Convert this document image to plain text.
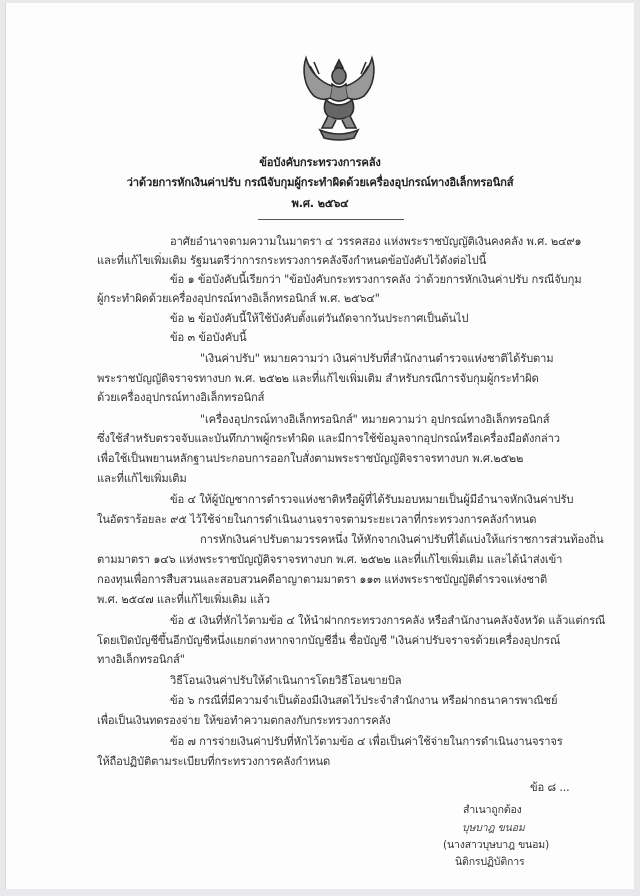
ข้อบังคับกระทรวงการคลัง
ว่าด้วยการหักเงินค่าปรับ กรณีจับกุมผู้กระทำผิดด้วยเครื่องอุปกรณ์ทางอิเล็กทรอนิกส์
พ.ศ. ๒๕๖๔
อาศัยอำนาจตามความในมาตรา ๔ วรรคสอง แห่งพระราชบัญญัติเงินคงคลัง พ.ศ. ๒๔๙๑
และที่แก้ไขเพิ่มเติม รัฐมนตรีว่าการกระทรวงการคลังจึงกำหนดข้อบังคับไว้ดังต่อไปนี้
ข้อ ๑ ข้อบังคับนี้เรียกว่า "ข้อบังคับกระทรวงการคลัง ว่าด้วยการหักเงินค่าปรับ กรณีจับกุม
ผู้กระทำผิดด้วยเครื่องอุปกรณ์ทางอิเล็กทรอนิกส์ พ.ศ. ๒๕๖๔"
ข้อ ๒ ข้อบังคับนี้ให้ใช้บังคับตั้งแต่วันถัดจากวันประกาศเป็นต้นไป
ข้อ ๓ ข้อบังคับนี้
"เงินค่าปรับ" หมายความว่า เงินค่าปรับที่สำนักงานตำรวจแห่งชาติได้รับตาม
พระราชบัญญัติจราจรทางบก พ.ศ. ๒๕๒๒ และที่แก้ไขเพิ่มเติม สำหรับกรณีการจับกุมผู้กระทำผิด
ด้วยเครื่องอุปกรณ์ทางอิเล็กทรอนิกส์
"เครื่องอุปกรณ์ทางอิเล็กทรอนิกส์" หมายความว่า อุปกรณ์ทางอิเล็กทรอนิกส์
ซึ่งใช้สำหรับตรวจจับและบันทึกภาพผู้กระทำผิด และมีการใช้ข้อมูลจากอุปกรณ์หรือเครื่องมือดังกล่าว
เพื่อใช้เป็นพยานหลักฐานประกอบการออกใบสั่งตามพระราชบัญญัติจราจรทางบก พ.ศ.๒๕๒๒
และที่แก้ไขเพิ่มเติม
ข้อ ๔ ให้ผู้บัญชาการตำรวจแห่งชาติหรือผู้ที่ได้รับมอบหมายเป็นผู้มีอำนาจหักเงินค่าปรับ
ในอัตราร้อยละ ๙๕ ไว้ใช้จ่ายในการดำเนินงานจราจรตามระยะเวลาที่กระทรวงการคลังกำหนด
การหักเงินค่าปรับตามวรรคหนึ่ง ให้หักจากเงินค่าปรับที่ได้แบ่งให้แก่ราชการส่วนท้องถิ่น
ตามมาตรา ๑๔๖ แห่งพระราชบัญญัติจราจรทางบก พ.ศ. ๒๕๒๒ และที่แก้ไขเพิ่มเติม และได้นำส่งเข้า
กองทุนเพื่อการสืบสวนและสอบสวนคดีอาญาตามมาตรา ๑๑๓ แห่งพระราชบัญญัติตำรวจแห่งชาติ
พ.ศ. ๒๕๔๗ และที่แก้ไขเพิ่มเติม แล้ว
ข้อ ๕ เงินที่หักไว้ตามข้อ ๔ ให้นำฝากกระทรวงการคลัง หรือสำนักงานคลังจังหวัด แล้วแต่กรณี
โดยเปิดบัญชีขึ้นอีกบัญชีหนึ่งแยกต่างหากจากบัญชีอื่น ชื่อบัญชี "เงินค่าปรับจราจรด้วยเครื่องอุปกรณ์
ทางอิเล็กทรอนิกส์"
วิธีโอนเงินค่าปรับให้ดำเนินการโดยวิธีโอนขายบิล
ข้อ ๖ กรณีที่มีความจำเป็นต้องมีเงินสดไว้ประจำสำนักงาน หรือฝากธนาคารพาณิชย์
เพื่อเป็นเงินทดรองจ่าย ให้ขอทำความตกลงกับกระทรวงการคลัง
ข้อ ๗ การจ่ายเงินค่าปรับที่หักไว้ตามข้อ ๔ เพื่อเป็นค่าใช้จ่ายในการดำเนินงานจราจร
ให้ถือปฏิบัติตามระเบียบที่กระทรวงการคลังกำหนด
ข้อ ๘ ...
สำเนาถูกต้อง
บุษบาฎ ขนอม
(นางสาวบุษบาฎ ขนอม)
นิติกรปฏิบัติการ
